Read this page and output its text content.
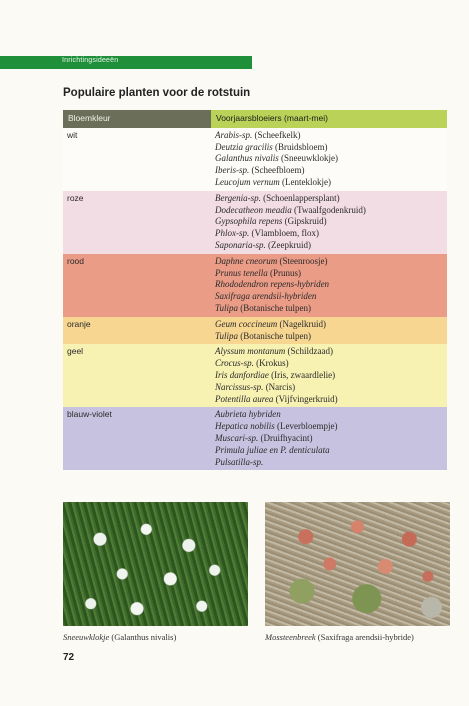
Inrichtingsideeën
Populaire planten voor de rotstuin
Bloemkleur	Voorjaarsbloeiers (maart-mei)
wit	Arabis-sp. (Scheefkelk)
Deutzia gracilis (Bruidsbloem)
Galanthus nivalis (Sneeuwklokje)
Iberis-sp. (Scheefbloem)
Leucojum vernum (Lenteklokje)

roze	Bergenia-sp. (Schoenlappersplant)
Dodecatheon meadia (Twaalfgodenkruid)
Gypsophila repens (Gipskruid)
Phlox-sp. (Vlambloem, flox)
Saponaria-sp. (Zeepkruid)

rood	Daphne cneorum (Steenroosje)
Prunus tenella (Prunus)
Rhododendron repens-hybriden
Saxifraga arendsii-hybriden
Tulipa (Botanische tulpen)

oranje	Geum coccineum (Nagelkruid)
Tulipa (Botanische tulpen)

geel	Alyssum montanum (Schildzaad)
Crocus-sp. (Krokus)
Iris danfordiae (Iris, zwaardlelie)
Narcissus-sp. (Narcis)
Potentilla aurea (Vijfvingerkruid)

blauw-violet	Aubrieta hybriden
Hepatica nobilis (Leverbloempje)
Muscari-sp. (Druifhyacint)
Primula juliae en P. denticulata
Pulsatilla-sp.
Sneeuwklokje (Galanthus nivalis)	Mossteenbreek (Saxifraga arendsii-hybride)
72
